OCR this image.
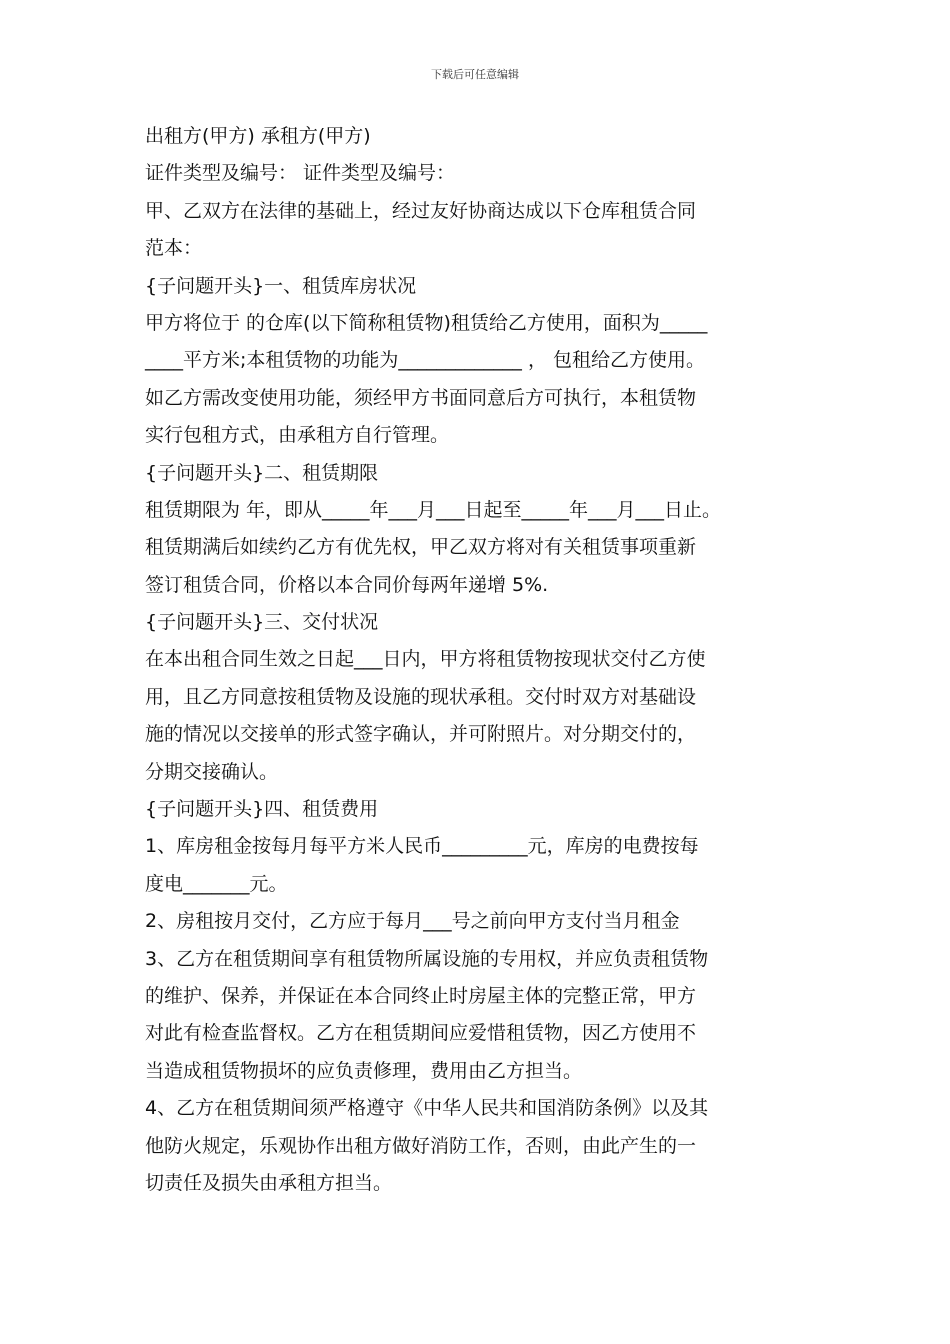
下载后可任意编辑
出租方(甲方) 承租方(甲方)
证件类型及编号： 证件类型及编号：
甲、乙双方在法律的基础上，经过友好协商达成以下仓库租赁合同
范本：
{子问题开头}一、租赁库房状况
甲方将位于 的仓库(以下简称租赁物)租赁给乙方使用，面积为_____
____平方米;本租赁物的功能为_____________ ， 包租给乙方使用。
如乙方需改变使用功能，须经甲方书面同意后方可执行，本租赁物
实行包租方式，由承租方自行管理。
{子问题开头}二、租赁期限
租赁期限为 年，即从_____年___月___日起至_____年___月___日止。
租赁期满后如续约乙方有优先权，甲乙双方将对有关租赁事项重新
签订租赁合同，价格以本合同价每两年递增 5%.
{子问题开头}三、交付状况
在本出租合同生效之日起___日内，甲方将租赁物按现状交付乙方使
用，且乙方同意按租赁物及设施的现状承租。交付时双方对基础设
施的情况以交接单的形式签字确认，并可附照片。对分期交付的，
分期交接确认。
{子问题开头}四、租赁费用
1、库房租金按每月每平方米人民币_________元，库房的电费按每
度电_______元。
2、房租按月交付，乙方应于每月___号之前向甲方支付当月租金
3、乙方在租赁期间享有租赁物所属设施的专用权，并应负责租赁物
的维护、保养，并保证在本合同终止时房屋主体的完整正常，甲方
对此有检查监督权。乙方在租赁期间应爱惜租赁物，因乙方使用不
当造成租赁物损坏的应负责修理，费用由乙方担当。
4、乙方在租赁期间须严格遵守《中华人民共和国消防条例》以及其
他防火规定，乐观协作出租方做好消防工作，否则，由此产生的一
切责任及损失由承租方担当。
